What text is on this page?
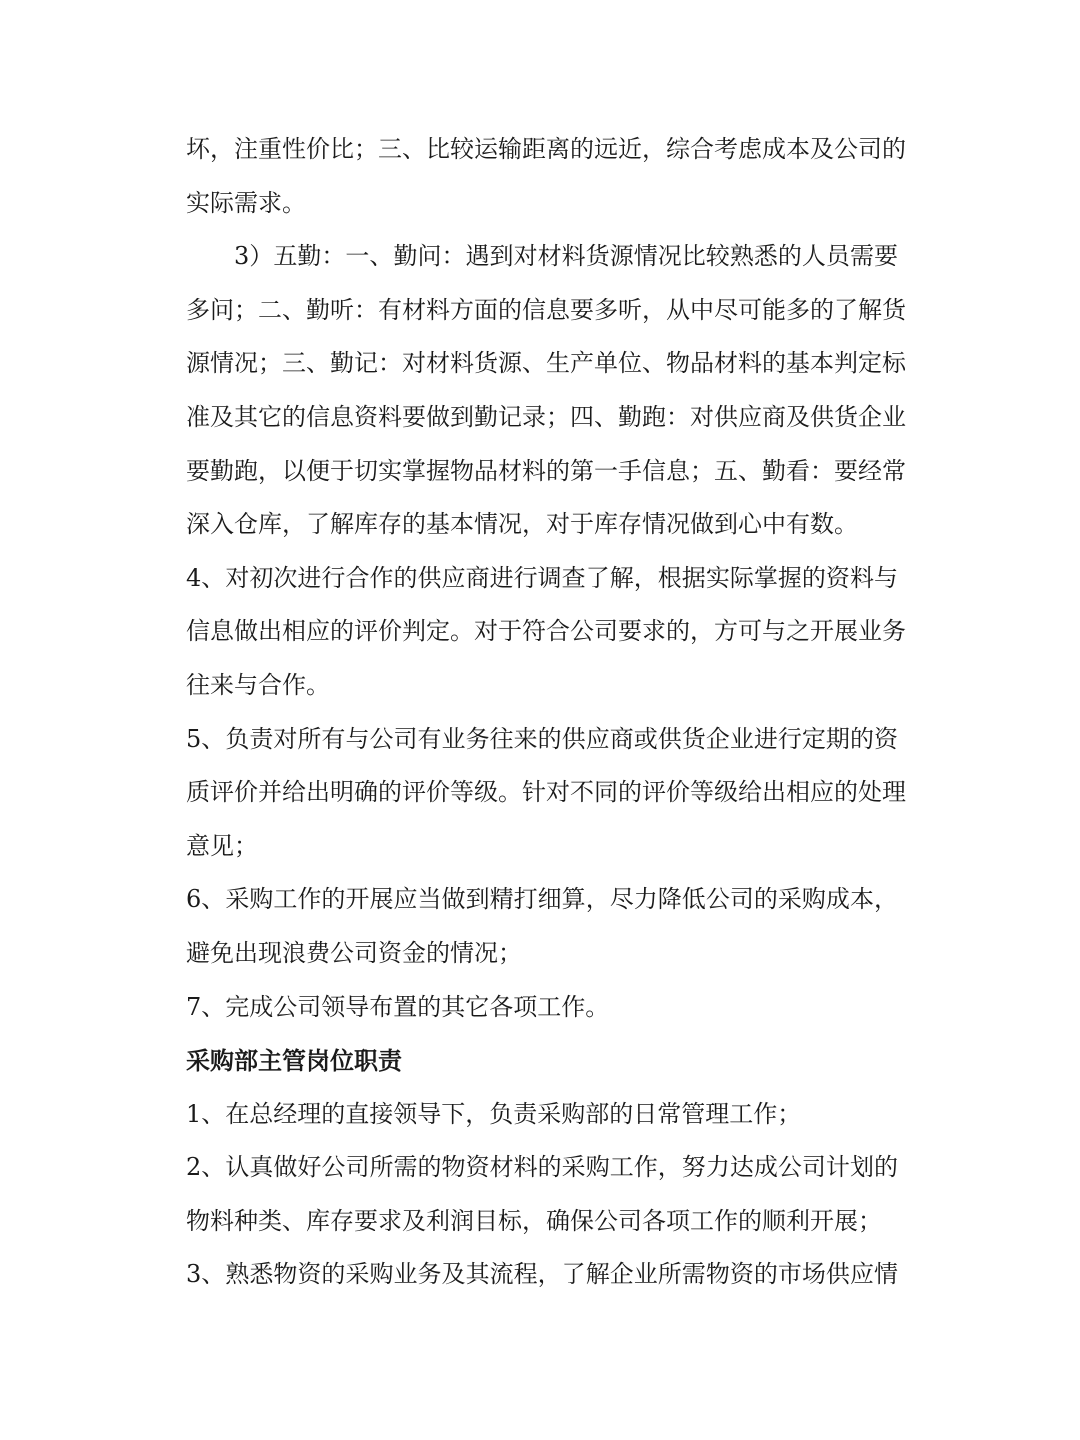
坏，注重性价比；三、比较运输距离的远近，综合考虑成本及公司的
实际需求。
3）五勤：一、勤问：遇到对材料货源情况比较熟悉的人员需要
多问；二、勤听：有材料方面的信息要多听，从中尽可能多的了解货
源情况；三、勤记：对材料货源、生产单位、物品材料的基本判定标
准及其它的信息资料要做到勤记录；四、勤跑：对供应商及供货企业
要勤跑，以便于切实掌握物品材料的第一手信息；五、勤看：要经常
深入仓库，了解库存的基本情况，对于库存情况做到心中有数。
4、对初次进行合作的供应商进行调查了解，根据实际掌握的资料与
信息做出相应的评价判定。对于符合公司要求的，方可与之开展业务
往来与合作。
5、负责对所有与公司有业务往来的供应商或供货企业进行定期的资
质评价并给出明确的评价等级。针对不同的评价等级给出相应的处理
意见；
6、采购工作的开展应当做到精打细算，尽力降低公司的采购成本，
避免出现浪费公司资金的情况；
7、完成公司领导布置的其它各项工作。
采购部主管岗位职责
1、在总经理的直接领导下，负责采购部的日常管理工作；
2、认真做好公司所需的物资材料的采购工作，努力达成公司计划的
物料种类、库存要求及利润目标，确保公司各项工作的顺利开展；
3、熟悉物资的采购业务及其流程，了解企业所需物资的市场供应情
